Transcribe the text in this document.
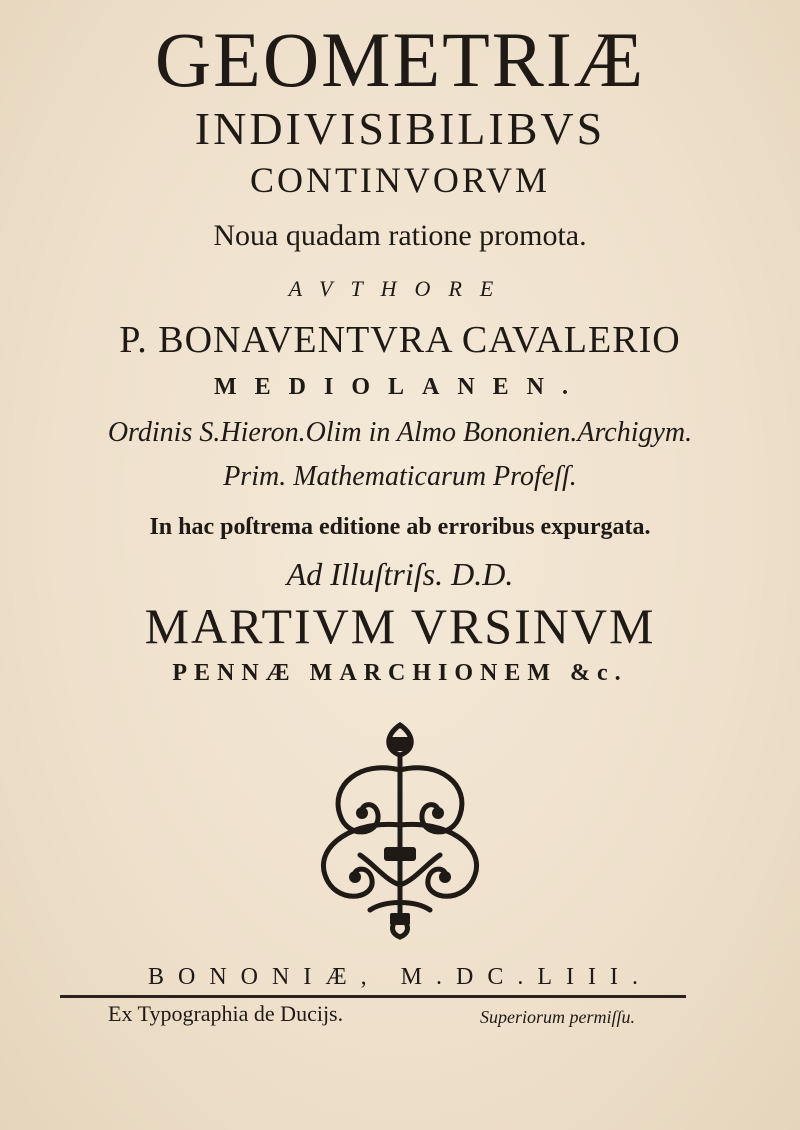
GEOMETRIÆ
INDIVISIBILIBVS
CONTINVORVM
Noua quadam ratione promota.
AVTHORE
P. BONAVENTVRA CAVALERIO
MEDIOLANEN.
Ordinis S.Hieron.Olim in Almo Bononien.Archigym.
Prim. Mathematicarum Profeſſ.
In hac poſtrema editione ab erroribus expurgata.
Ad Illuſtriſs. D.D.
MARTIVM VRSINVM
PENNÆ MARCHIONEM &c.
BONONIÆ, M.DC.LIII.
Ex Typographia de Ducijs.	Superiorum permiſſu.
